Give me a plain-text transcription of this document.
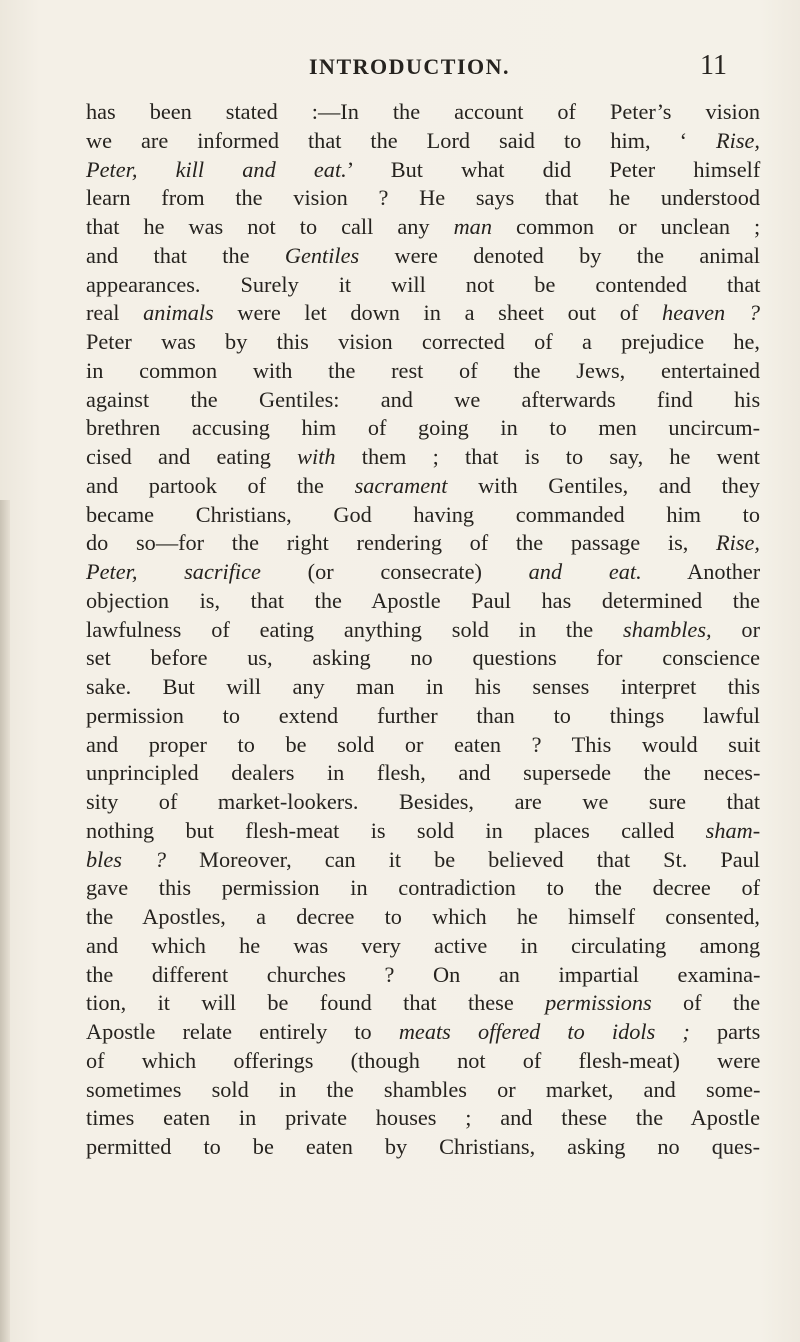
INTRODUCTION.	11
has been stated :—In the account of Peter’s vision
we are informed that the Lord said to him, ‘ Rise,
Peter, kill and eat.’ But what did Peter himself
learn from the vision ? He says that he understood
that he was not to call any man common or unclean ;
and that the Gentiles were denoted by the animal
appearances. Surely it will not be contended that
real animals were let down in a sheet out of heaven ?
Peter was by this vision corrected of a prejudice he,
in common with the rest of the Jews, entertained
against the Gentiles: and we afterwards find his
brethren accusing him of going in to men uncircum-
cised and eating with them ; that is to say, he went
and partook of the sacrament with Gentiles, and they
became Christians, God having commanded him to
do so—for the right rendering of the passage is, Rise,
Peter, sacrifice (or consecrate) and eat. Another
objection is, that the Apostle Paul has determined the
lawfulness of eating anything sold in the shambles, or
set before us, asking no questions for conscience
sake. But will any man in his senses interpret this
permission to extend further than to things lawful
and proper to be sold or eaten ? This would suit
unprincipled dealers in flesh, and supersede the neces-
sity of market-lookers. Besides, are we sure that
nothing but flesh-meat is sold in places called sham-
bles ? Moreover, can it be believed that St. Paul
gave this permission in contradiction to the decree of
the Apostles, a decree to which he himself consented,
and which he was very active in circulating among
the different churches ? On an impartial examina-
tion, it will be found that these permissions of the
Apostle relate entirely to meats offered to idols ; parts
of which offerings (though not of flesh-meat) were
sometimes sold in the shambles or market, and some-
times eaten in private houses ; and these the Apostle
permitted to be eaten by Christians, asking no ques-
